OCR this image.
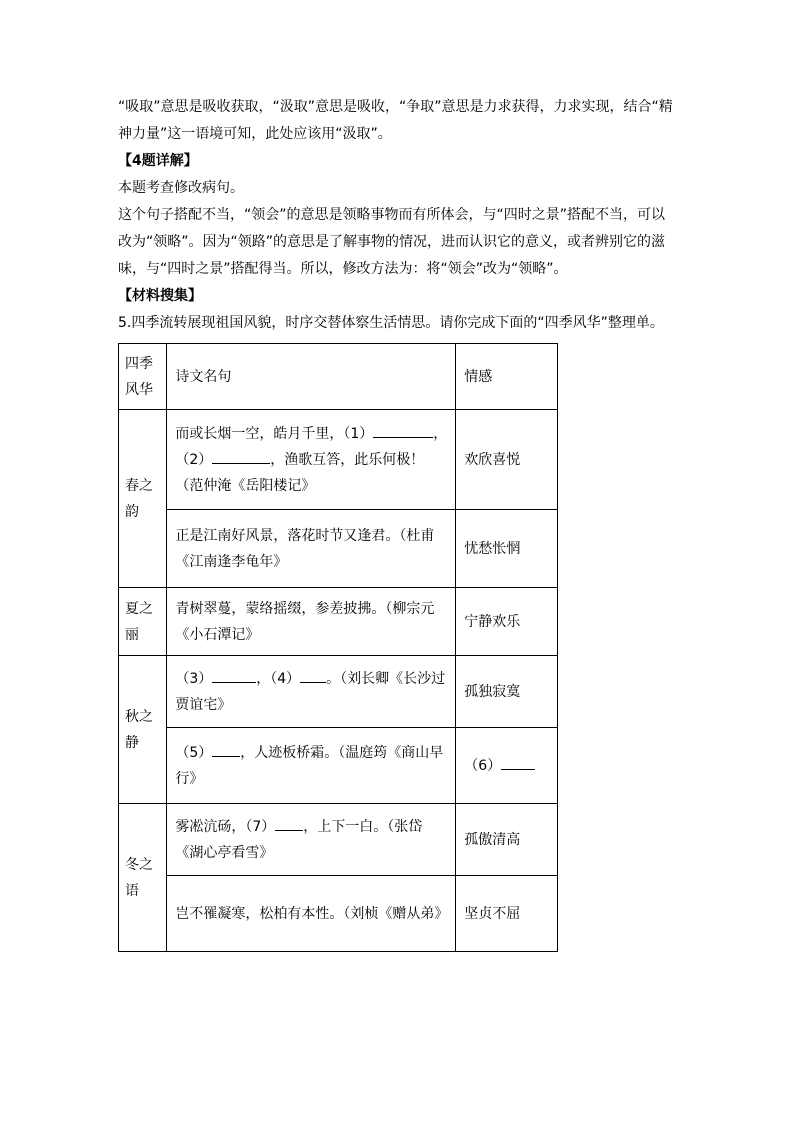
“吸取”意思是吸收获取，“汲取”意思是吸收，“争取”意思是力求获得，力求实现，结合“精神力量”这一语境可知，此处应该用“汲取”。

【4题详解】

本题考查修改病句。

这个句子搭配不当，“领会”的意思是领略事物而有所体会，与“四时之景”搭配不当，可以改为“领略”。因为“领路”的意思是了解事物的情况，进而认识它的意义，或者辨别它的滋味，与“四时之景”搭配得当。所以，修改方法为：将“领会”改为“领略”。

【材料搜集】

5.四季流转展现祖国风貌，时序交替体察生活情思。请你完成下面的“四季风华”整理单。

四季风华	诗文名句	情感
春之韵	而或长烟一空，皓月千里，（1） ，（2） ，渔歌互答，此乐何极！（范仲淹《岳阳楼记》	欢欣喜悦
	正是江南好风景，落花时节又逢君。（杜甫《江南逢李龟年》	忧愁怅惘
夏之丽	青树翠蔓，蒙络摇缀，参差披拂。（柳宗元《小石潭记》	宁静欢乐
秋之静	（3） ，（4） 。（刘长卿《长沙过贾谊宅》	孤独寂寞
	（5） ，人迹板桥霜。（温庭筠《商山早行》	（6）
冬之语	雾凇沆砀，（7） ，上下一白。（张岱《湖心亭看雪》	孤傲清高
	岂不罹凝寒，松柏有本性。（刘桢《赠从弟》	坚贞不屈
